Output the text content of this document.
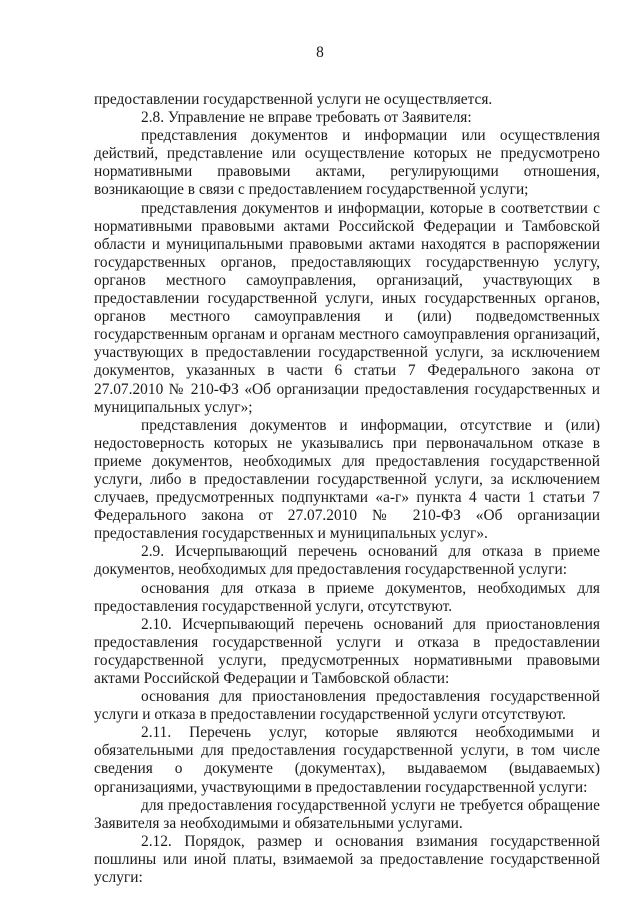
8

предоставлении государственной услуги не осуществляется.

2.8. Управление не вправе требовать от Заявителя:

представления документов и информации или осуществления действий, представление или осуществление которых не предусмотрено нормативными правовыми актами, регулирующими отношения, возникающие в связи с предоставлением государственной услуги;

представления документов и информации, которые в соответствии с нормативными правовыми актами Российской Федерации и Тамбовской области и муниципальными правовыми актами находятся в распоряжении государственных органов, предоставляющих государственную услугу, органов местного самоуправления, организаций, участвующих в предоставлении государственной услуги, иных государственных органов, органов местного самоуправления и (или) подведомственных государственным органам и органам местного самоуправления организаций, участвующих в предоставлении государственной услуги, за исключением документов, указанных в части 6 статьи 7 Федерального закона от 27.07.2010 № 210-ФЗ «Об организации предоставления государственных и муниципальных услуг»;

представления документов и информации, отсутствие и (или) недостоверность которых не указывались при первоначальном отказе в приеме документов, необходимых для предоставления государственной услуги, либо в предоставлении государственной услуги, за исключением случаев, предусмотренных подпунктами «а-г» пункта 4 части 1 статьи 7 Федерального закона от 27.07.2010 № 210-ФЗ «Об организации предоставления государственных и муниципальных услуг».

2.9. Исчерпывающий перечень оснований для отказа в приеме документов, необходимых для предоставления государственной услуги:

основания для отказа в приеме документов, необходимых для предоставления государственной услуги, отсутствуют.

2.10. Исчерпывающий перечень оснований для приостановления предоставления государственной услуги и отказа в предоставлении государственной услуги, предусмотренных нормативными правовыми актами Российской Федерации и Тамбовской области:

основания для приостановления предоставления государственной услуги и отказа в предоставлении государственной услуги отсутствуют.

2.11. Перечень услуг, которые являются необходимыми и обязательными для предоставления государственной услуги, в том числе сведения о документе (документах), выдаваемом (выдаваемых) организациями, участвующими в предоставлении государственной услуги:

для предоставления государственной услуги не требуется обращение Заявителя за необходимыми и обязательными услугами.

2.12. Порядок, размер и основания взимания государственной пошлины или иной платы, взимаемой за предоставление государственной услуги:
